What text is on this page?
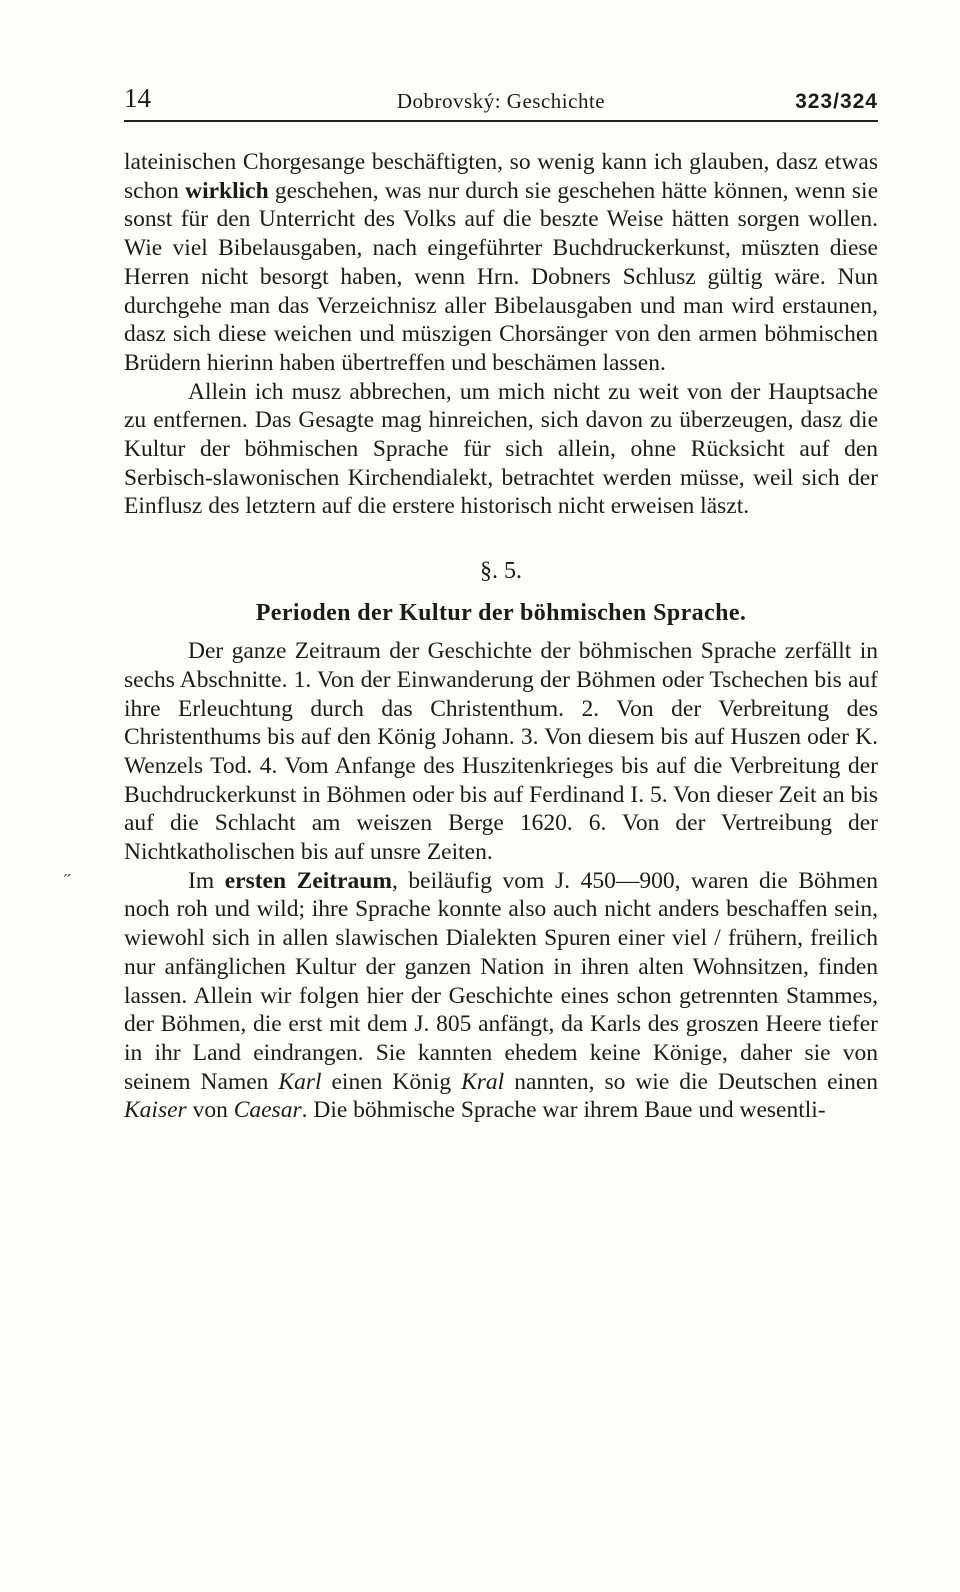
14	Dobrovský: Geschichte	323/324
˶

lateinischen Chorgesange beschäftigten, so wenig kann ich glauben, dasz etwas schon wirklich geschehen, was nur durch sie geschehen hätte können, wenn sie sonst für den Unterricht des Volks auf die beszte Weise hätten sorgen wollen. Wie viel Bibelausgaben, nach eingeführter Buchdruckerkunst, müszten diese Herren nicht besorgt haben, wenn Hrn. Dobners Schlusz gültig wäre. Nun durchgehe man das Verzeichnisz aller Bibelausgaben und man wird erstaunen, dasz sich diese weichen und müszigen Chorsänger von den armen böhmischen Brüdern hierinn haben übertreffen und beschämen lassen.

Allein ich musz abbrechen, um mich nicht zu weit von der Hauptsache zu entfernen. Das Gesagte mag hinreichen, sich davon zu überzeugen, dasz die Kultur der böhmischen Sprache für sich allein, ohne Rücksicht auf den Serbisch-slawonischen Kirchendialekt, betrachtet werden müsse, weil sich der Einflusz des letztern auf die erstere historisch nicht erweisen läszt.

§. 5.
Perioden der Kultur der böhmischen Sprache.

Der ganze Zeitraum der Geschichte der böhmischen Sprache zerfällt in sechs Abschnitte. 1. Von der Einwanderung der Böhmen oder Tschechen bis auf ihre Erleuchtung durch das Christenthum. 2. Von der Verbreitung des Christenthums bis auf den König Johann. 3. Von diesem bis auf Huszen oder K. Wenzels Tod. 4. Vom Anfange des Huszitenkrieges bis auf die Verbreitung der Buchdruckerkunst in Böhmen oder bis auf Ferdinand I. 5. Von dieser Zeit an bis auf die Schlacht am weiszen Berge 1620. 6. Von der Vertreibung der Nichtkatholischen bis auf unsre Zeiten.

Im ersten Zeitraum, beiläufig vom J. 450—900, waren die Böhmen noch roh und wild; ihre Sprache konnte also auch nicht anders beschaffen sein, wiewohl sich in allen slawischen Dialekten Spuren einer viel / frühern, freilich nur anfänglichen Kultur der ganzen Nation in ihren alten Wohnsitzen, finden lassen. Allein wir folgen hier der Geschichte eines schon getrennten Stammes, der Böhmen, die erst mit dem J. 805 anfängt, da Karls des groszen Heere tiefer in ihr Land eindrangen. Sie kannten ehedem keine Könige, daher sie von seinem Namen Karl einen König Kral nannten, so wie die Deutschen einen Kaiser von Caesar. Die böhmische Sprache war ihrem Baue und wesentli-
